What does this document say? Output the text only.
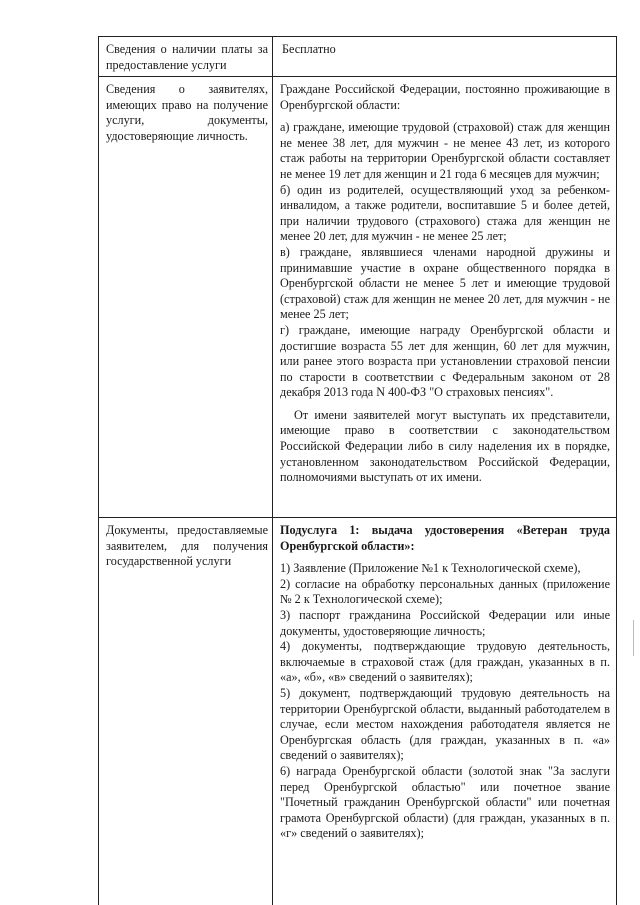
Сведения о наличии платы за предоставление услуги

Бесплатно

Сведения о заявителях, имеющих право на получение услуги, документы, удостоверяющие личность.

Граждане Российской Федерации, постоянно проживающие в Оренбургской области:

а) граждане, имеющие трудовой (страховой) стаж для женщин не менее 38 лет, для мужчин - не менее 43 лет, из которого стаж работы на территории Оренбургской области составляет не менее 19 лет для женщин и 21 года 6 месяцев для мужчин;

б) один из родителей, осуществляющий уход за ребенком-инвалидом, а также родители, воспитавшие 5 и более детей, при наличии трудового (страхового) стажа для женщин не менее 20 лет, для мужчин - не менее 25 лет;

в) граждане, являвшиеся членами народной дружины и принимавшие участие в охране общественного порядка в Оренбургской области не менее 5 лет и имеющие трудовой (страховой) стаж для женщин не менее 20 лет, для мужчин - не менее 25 лет;

г) граждане, имеющие награду Оренбургской области и достигшие возраста 55 лет для женщин, 60 лет для мужчин, или ранее этого возраста при установлении страховой пенсии по старости в соответствии с Федеральным законом от 28 декабря 2013 года N 400-ФЗ "О страховых пенсиях".

От имени заявителей могут выступать их представители, имеющие право в соответствии с законодательством Российской Федерации либо в силу наделения их в порядке, установленном законодательством Российской Федерации, полномочиями выступать от их имени.

Документы, предоставляемые заявителем, для получения государственной услуги

Подуслуга 1: выдача удостоверения «Ветеран труда Оренбургской области»:

1) Заявление (Приложение №1 к Технологической схеме),

2) согласие на обработку персональных данных (приложение № 2 к Технологической схеме);

3) паспорт гражданина Российской Федерации или иные документы, удостоверяющие личность;

4) документы, подтверждающие трудовую деятельность, включаемые в страховой стаж (для граждан, указанных в п. «а», «б», «в» сведений о заявителях);

5) документ, подтверждающий трудовую деятельность на территории Оренбургской области, выданный работодателем в случае, если местом нахождения работодателя является не Оренбургская область (для граждан, указанных в п. «а» сведений о заявителях);

6) награда Оренбургской области (золотой знак "За заслуги перед Оренбургской областью" или почетное звание "Почетный гражданин Оренбургской области" или почетная грамота Оренбургской области) (для граждан, указанных в п. «г» сведений о заявителях);
